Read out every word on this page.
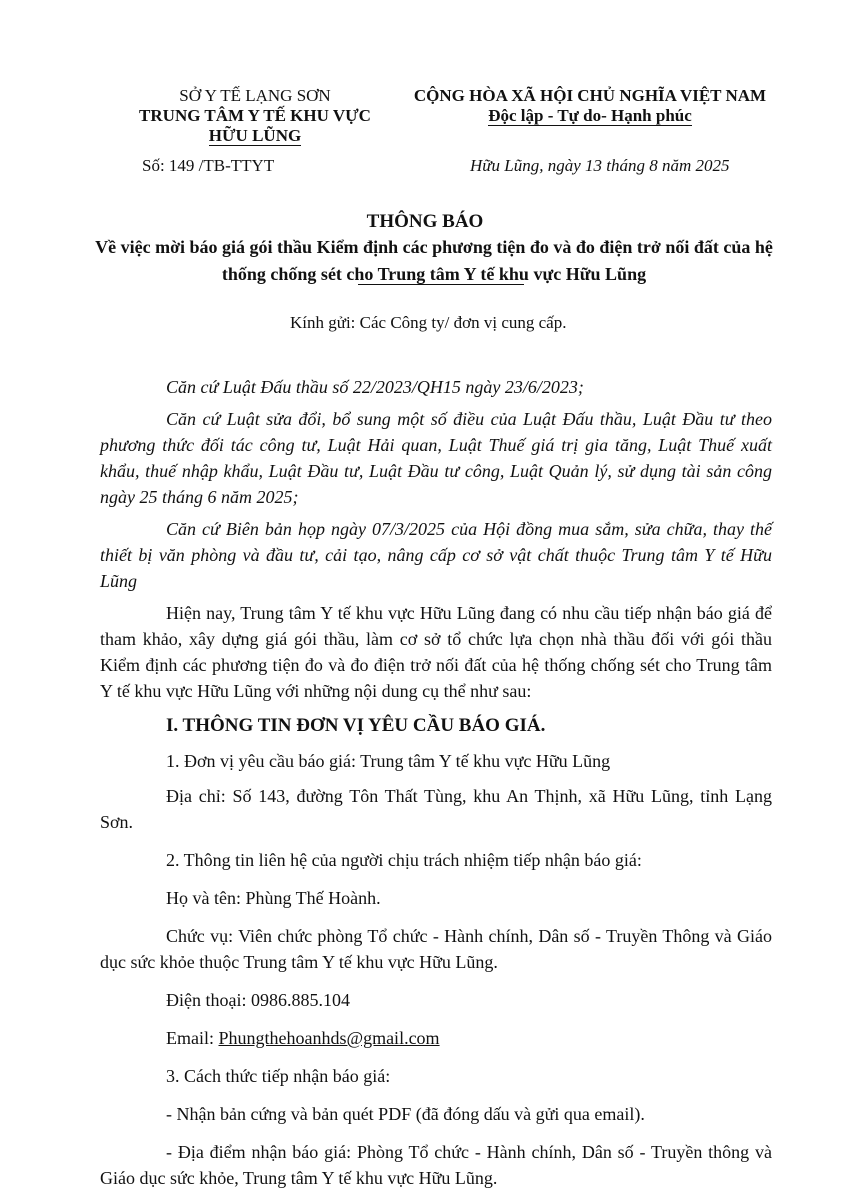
SỞ Y TẾ LẠNG SƠN
TRUNG TÂM Y TẾ KHU VỰC
HỮU LŨNG
CỘNG HÒA XÃ HỘI CHỦ NGHĨA VIỆT NAM
Độc lập - Tự do- Hạnh phúc
Số: 149 /TB-TTYT	Hữu Lũng, ngày 13 tháng 8 năm 2025
THÔNG BÁO
Về việc mời báo giá gói thầu Kiểm định các phương tiện đo và đo điện trở nối đất của hệ thống chống sét cho Trung tâm Y tế khu vực Hữu Lũng
Kính gửi: Các Công ty/ đơn vị cung cấp.

Căn cứ Luật Đấu thầu số 22/2023/QH15 ngày 23/6/2023;

Căn cứ Luật sửa đổi, bổ sung một số điều của Luật Đấu thầu, Luật Đầu tư theo phương thức đối tác công tư, Luật Hải quan, Luật Thuế giá trị gia tăng, Luật Thuế xuất khẩu, thuế nhập khẩu, Luật Đầu tư, Luật Đầu tư công, Luật Quản lý, sử dụng tài sản công ngày 25 tháng 6 năm 2025;

Căn cứ Biên bản họp ngày 07/3/2025 của Hội đồng mua sắm, sửa chữa, thay thế thiết bị văn phòng và đầu tư, cải tạo, nâng cấp cơ sở vật chất thuộc Trung tâm Y tế Hữu Lũng

Hiện nay, Trung tâm Y tế khu vực Hữu Lũng đang có nhu cầu tiếp nhận báo giá để tham khảo, xây dựng giá gói thầu, làm cơ sở tổ chức lựa chọn nhà thầu đối với gói thầu Kiểm định các phương tiện đo và đo điện trở nối đất của hệ thống chống sét cho Trung tâm Y tế khu vực Hữu Lũng với những nội dung cụ thể như sau:

I. THÔNG TIN ĐƠN VỊ YÊU CẦU BÁO GIÁ.

1. Đơn vị yêu cầu báo giá: Trung tâm Y tế khu vực Hữu Lũng

Địa chỉ: Số 143, đường Tôn Thất Tùng, khu An Thịnh, xã Hữu Lũng, tỉnh Lạng Sơn.

2. Thông tin liên hệ của người chịu trách nhiệm tiếp nhận báo giá:

Họ và tên: Phùng Thế Hoành.

Chức vụ: Viên chức phòng Tổ chức - Hành chính, Dân số - Truyền Thông và Giáo dục sức khỏe thuộc Trung tâm Y tế khu vực Hữu Lũng.

Điện thoại: 0986.885.104

Email: Phungthehoanhds@gmail.com

3. Cách thức tiếp nhận báo giá:

- Nhận bản cứng và bản quét PDF (đã đóng dấu và gửi qua email).

- Địa điểm nhận báo giá: Phòng Tổ chức - Hành chính, Dân số - Truyền thông và Giáo dục sức khỏe, Trung tâm Y tế khu vực Hữu Lũng.
